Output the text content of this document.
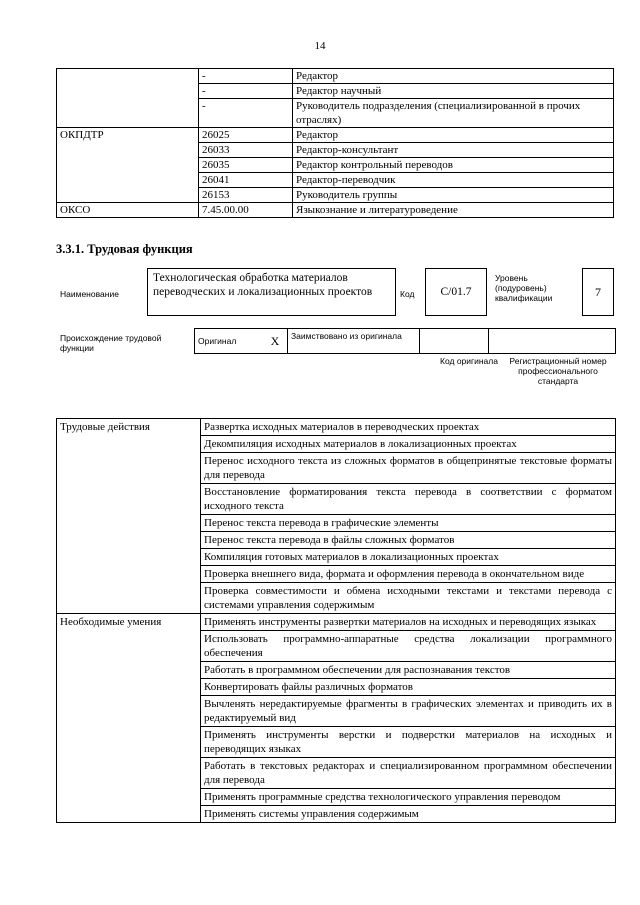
14
	-	Редактор
	-	Редактор научный
	-	Руководитель подразделения (специализированной в прочих отраслях)
ОКПДТР	26025	Редактор
	26033	Редактор-консультант
	26035	Редактор контрольный переводов
	26041	Редактор-переводчик
	26153	Руководитель группы
ОКСО	7.45.00.00	Языкознание и литературоведение
3.3.1. Трудовая функция
Наименование
Технологическая обработка материалов переводческих и локализационных проектов	Код C/01.7
Уровень (подуровень) квалификации	7
Происхождение трудовой функции
Оригинал	X	Заимствовано из оригинала		
Код оригинала	Регистрационный номер профессионального стандарта
Трудовые действия	Развертка исходных материалов в переводческих проектах
	Декомпиляция исходных материалов в локализационных проектах
	Перенос исходного текста из сложных форматов в общепринятые текстовые форматы для перевода
	Восстановление форматирования текста перевода в соответствии с форматом исходного текста
	Перенос текста перевода в графические элементы
	Перенос текста перевода в файлы сложных форматов
	Компиляция готовых материалов в локализационных проектах
	Проверка внешнего вида, формата и оформления перевода в окончательном виде
	Проверка совместимости и обмена исходными текстами и текстами перевода с системами управления содержимым
Необходимые умения	Применять инструменты развертки материалов на исходных и переводящих языках
	Использовать программно-аппаратные средства локализации программного обеспечения
	Работать в программном обеспечении для распознавания текстов
	Конвертировать файлы различных форматов
	Вычленять нередактируемые фрагменты в графических элементах и приводить их в редактируемый вид
	Применять инструменты верстки и подверстки материалов на исходных и переводящих языках
	Работать в текстовых редакторах и специализированном программном обеспечении для перевода
	Применять программные средства технологического управления переводом
	Применять системы управления содержимым
